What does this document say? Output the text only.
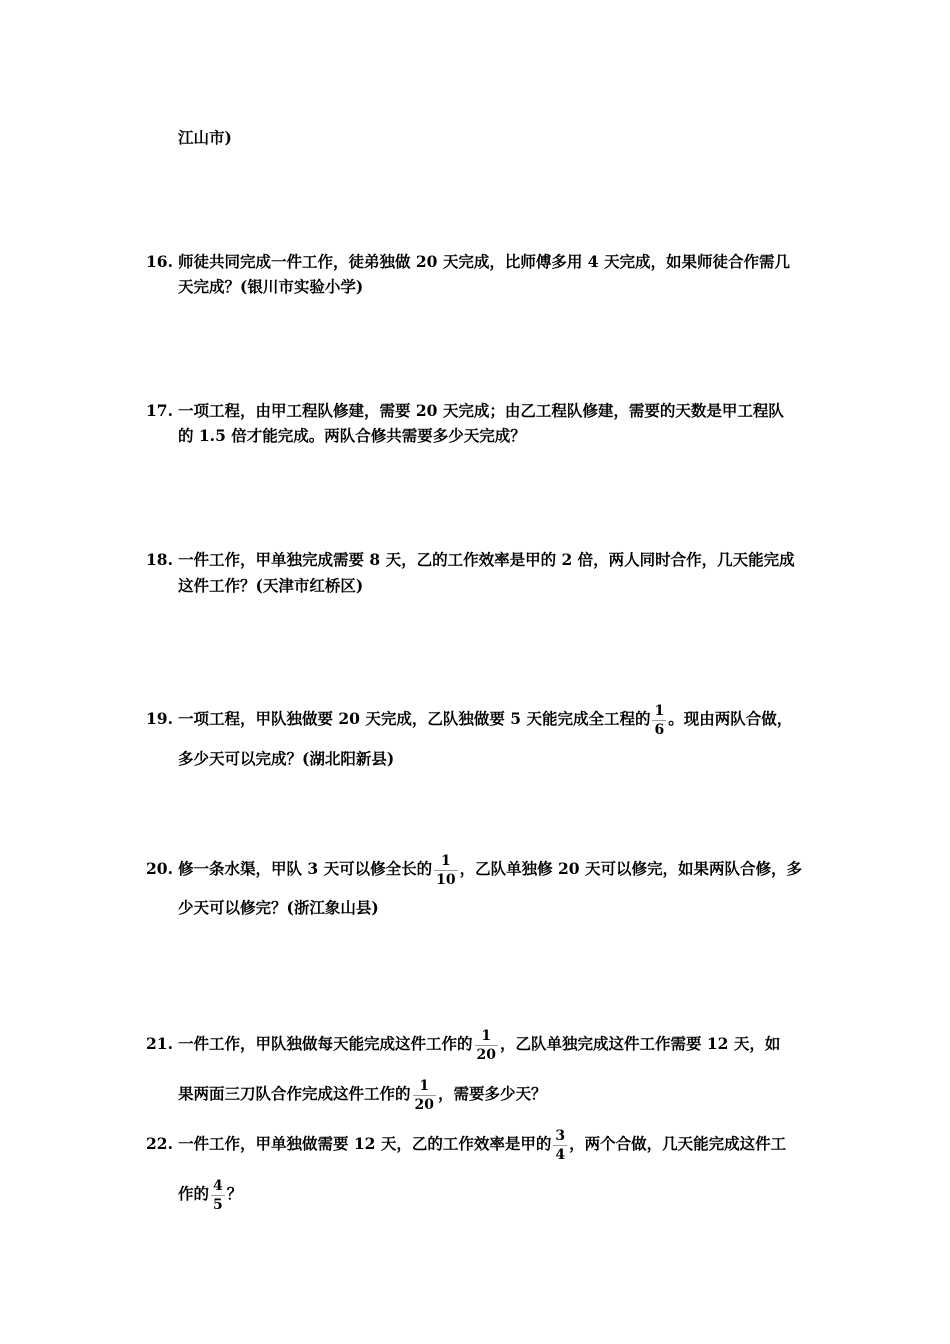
江山市)
16. 师徒共同完成一件工作，徒弟独做 20 天完成，比师傅多用 4 天完成，如果师徒合作需几
天完成？(银川市实验小学)
17. 一项工程，由甲工程队修建，需要 20 天完成；由乙工程队修建，需要的天数是甲工程队
的 1.5 倍才能完成。两队合修共需要多少天完成？
18. 一件工作，甲单独完成需要 8 天，乙的工作效率是甲的 2 倍，两人同时合作，几天能完成
这件工作？(天津市红桥区)
19. 一项工程，甲队独做要 20 天完成，乙队独做要 5 天能完成全工程的 $\frac{1}{6}$ 。现由两队合做，
多少天可以完成？(湖北阳新县)
20. 修一条水渠，甲队 3 天可以修全长的 $\frac{1}{10}$ ，乙队单独修 20 天可以修完，如果两队合修，多
少天可以修完？(浙江象山县)
21. 一件工作，甲队独做每天能完成这件工作的 $\frac{1}{20}$ ，乙队单独完成这件工作需要 12 天，如
果两面三刀队合作完成这件工作的 $\frac{1}{20}$ ，需要多少天？
22. 一件工作，甲单独做需要 12 天，乙的工作效率是甲的 $\frac{3}{4}$ ，两个合做，几天能完成这件工
作的 $\frac{4}{5}$ ？
